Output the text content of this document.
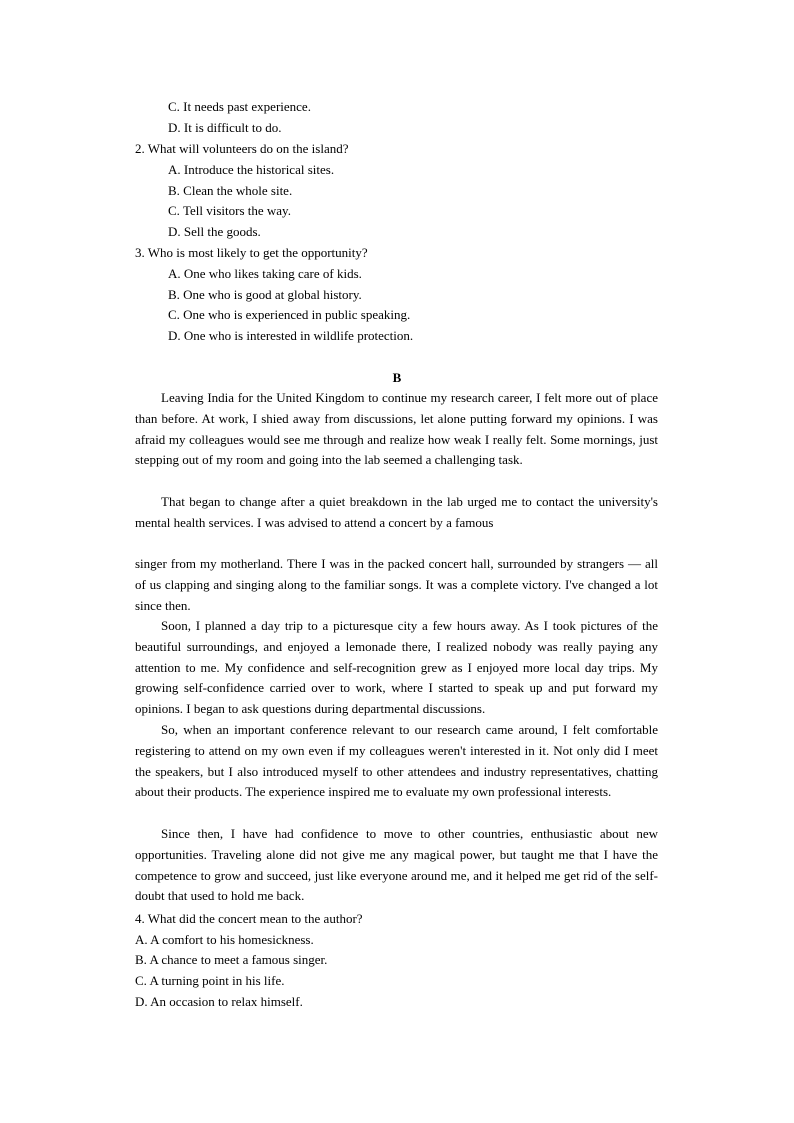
C. It needs past experience.
D. It is difficult to do.
2. What will volunteers do on the island?
A. Introduce the historical sites.
B. Clean the whole site.
C. Tell visitors the way.
D. Sell the goods.
3. Who is most likely to get the opportunity?
A. One who likes taking care of kids.
B. One who is good at global history.
C. One who is experienced in public speaking.
D. One who is interested in wildlife protection.
B

Leaving India for the United Kingdom to continue my research career, I felt more out of place than before. At work, I shied away from discussions, let alone putting forward my opinions. I was afraid my colleagues would see me through and realize how weak I really felt. Some mornings, just stepping out of my room and going into the lab seemed a challenging task.

That began to change after a quiet breakdown in the lab urged me to contact the university's mental health services. I was advised to attend a concert by a famous

singer from my motherland. There I was in the packed concert hall, surrounded by strangers — all of us clapping and singing along to the familiar songs. It was a complete victory. I've changed a lot since then.

Soon, I planned a day trip to a picturesque city a few hours away. As I took pictures of the beautiful surroundings, and enjoyed a lemonade there, I realized nobody was really paying any attention to me. My confidence and self-recognition grew as I enjoyed more local day trips. My growing self-confidence carried over to work, where I started to speak up and put forward my opinions. I began to ask questions during departmental discussions.

So, when an important conference relevant to our research came around, I felt comfortable registering to attend on my own even if my colleagues weren't interested in it. Not only did I meet the speakers, but I also introduced myself to other attendees and industry representatives, chatting about their products. The experience inspired me to evaluate my own professional interests.

Since then, I have had confidence to move to other countries, enthusiastic about new opportunities. Traveling alone did not give me any magical power, but taught me that I have the competence to grow and succeed, just like everyone around me, and it helped me get rid of the self-doubt that used to hold me back.

4. What did the concert mean to the author?
A. A comfort to his homesickness.
B. A chance to meet a famous singer.
C. A turning point in his life.
D. An occasion to relax himself.
